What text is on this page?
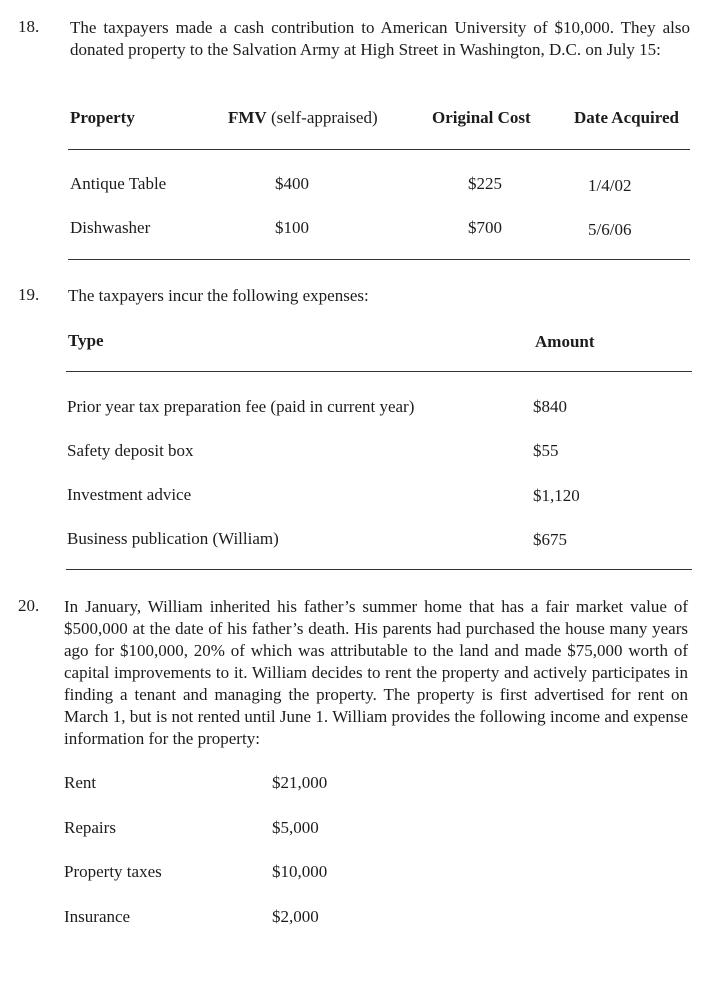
18. The taxpayers made a cash contribution to American University of $10,000. They also donated property to the Salvation Army at High Street in Washington, D.C. on July 15:
Property	FMV (self-appraised)	Original Cost	Date Acquired
Antique Table	$400	$225	1/4/02
Dishwasher	$100	$700	5/6/06
19. The taxpayers incur the following expenses:
Type	Amount
Prior year tax preparation fee (paid in current year)	$840
Safety deposit box	$55
Investment advice	$1,120
Business publication (William)	$675
20. In January, William inherited his father’s summer home that has a fair market value of $500,000 at the date of his father’s death. His parents had purchased the house many years ago for $100,000, 20% of which was attributable to the land and made $75,000 worth of capital improvements to it. William decides to rent the property and actively participates in finding a tenant and managing the property. The property is first advertised for rent on March 1, but is not rented until June 1. William provides the following income and expense information for the property:
Rent	$21,000
Repairs	$5,000
Property taxes	$10,000
Insurance	$2,000
